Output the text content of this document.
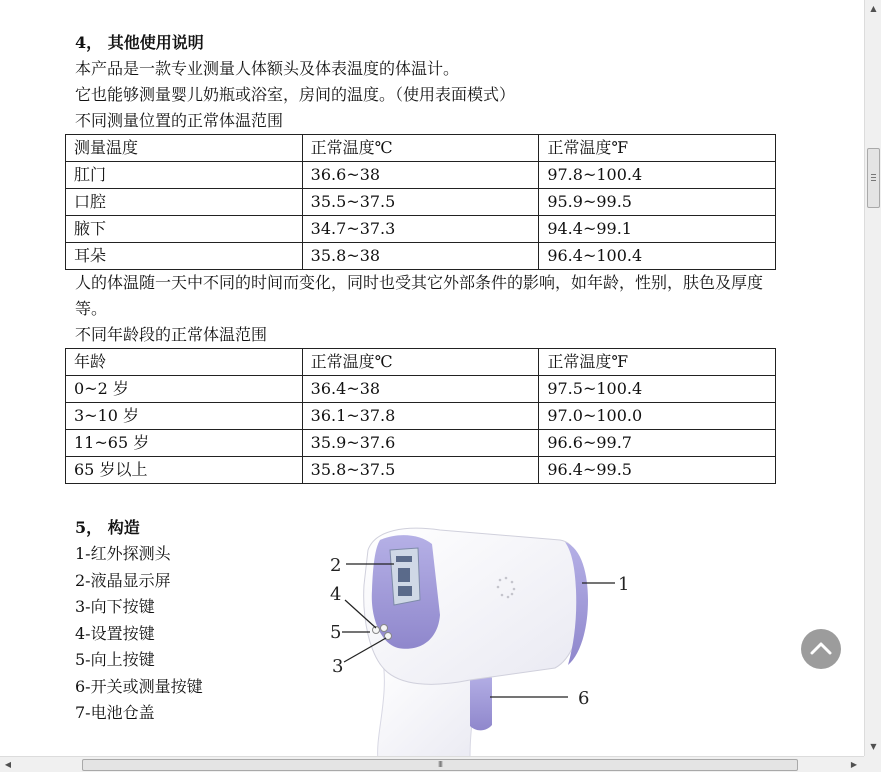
4， 其他使用说明
本产品是一款专业测量人体额头及体表温度的体温计。
它也能够测量婴儿奶瓶或浴室，房间的温度。（使用表面模式）
不同测量位置的正常体温范围
测量温度	正常温度℃	正常温度℉
肛门	36.6~38	97.8~100.4
口腔	35.5~37.5	95.9~99.5
腋下	34.7~37.3	94.4~99.1
耳朵	35.8~38	96.4~100.4
人的体温随一天中不同的时间而变化，同时也受其它外部条件的影响，如年龄，性别，肤色及厚度等。
不同年龄段的正常体温范围
年龄	正常温度℃	正常温度℉
0~2 岁	36.4~38	97.5~100.4
3~10 岁	36.1~37.8	97.0~100.0
11~65 岁	35.9~37.6	96.6~99.7
65 岁以上	35.8~37.5	96.4~99.5
5， 构造
1-红外探测头
2-液晶显示屏
3-向下按键
4-设置按键
5-向上按键
6-开关或测量按键
7-电池仓盖
1
2
3
4
5
6
▲
▼
◀	III	▶
